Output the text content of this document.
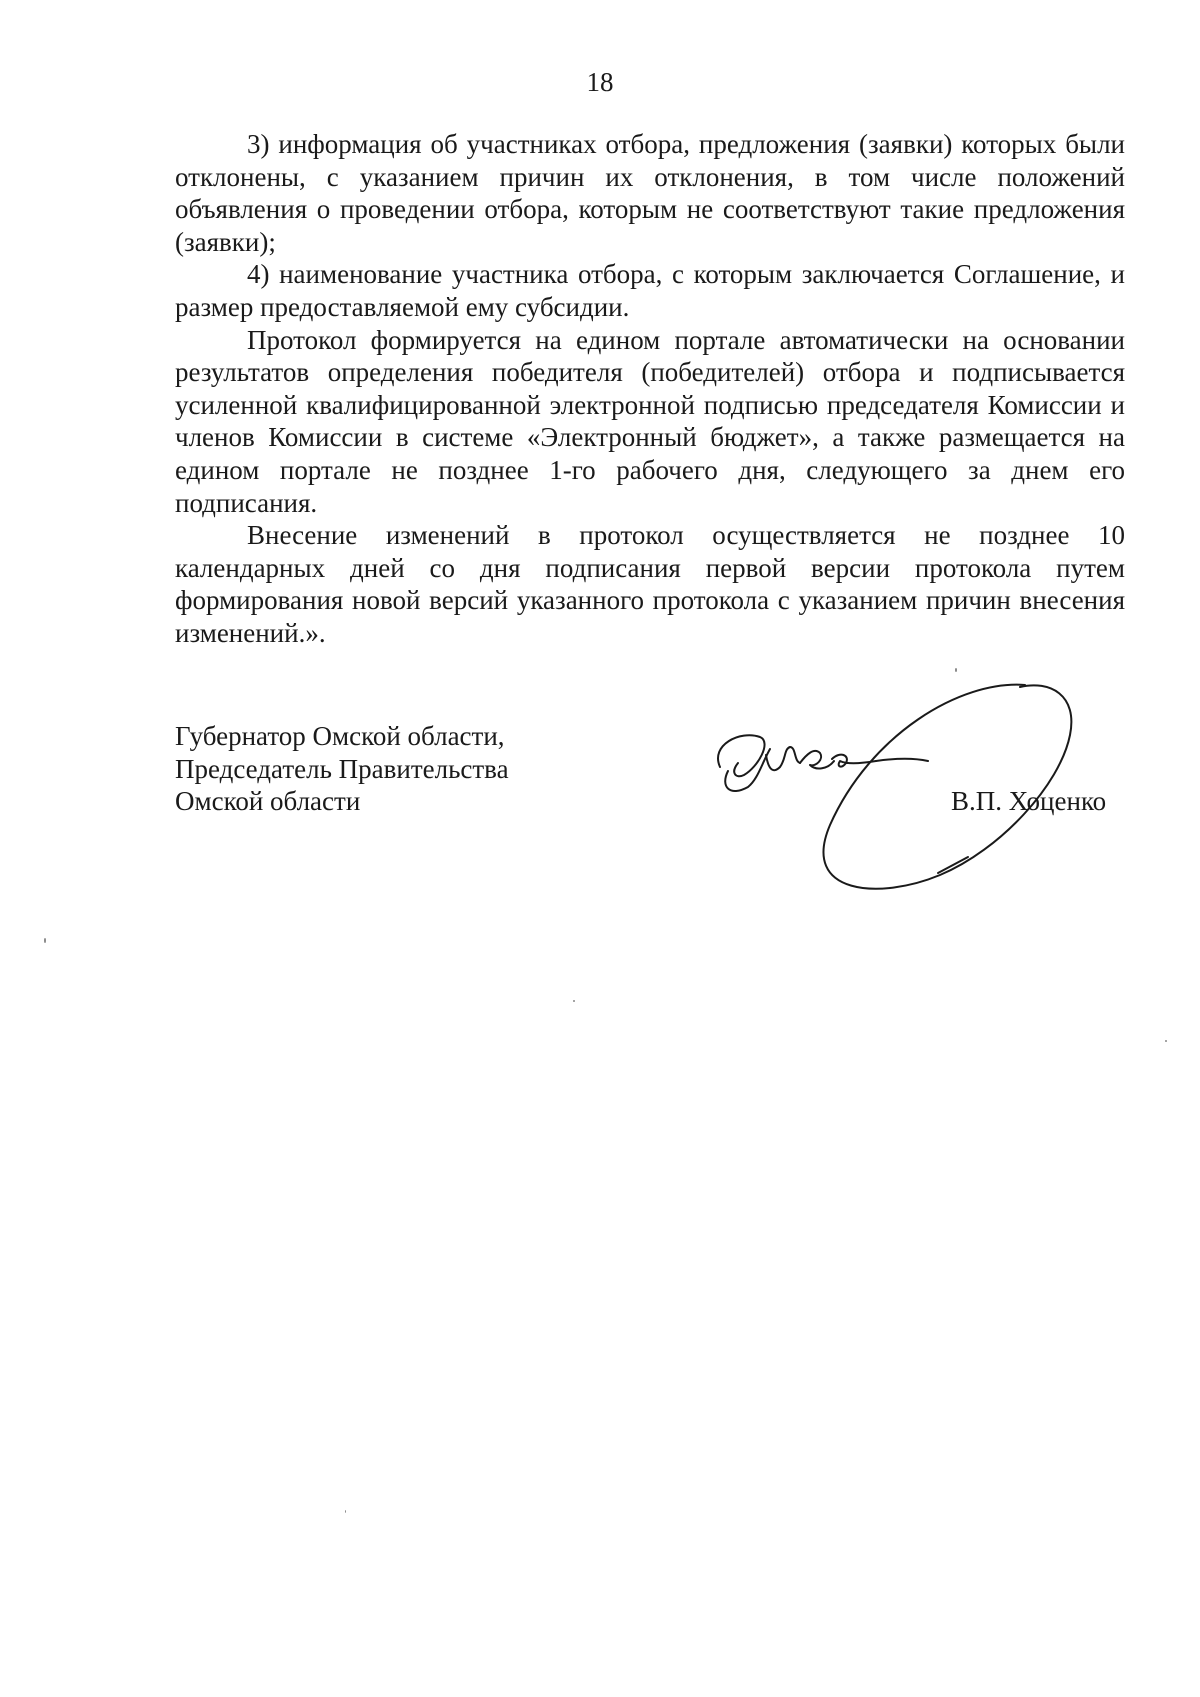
18

3) информация об участниках отбора, предложения (заявки) которых были отклонены, с указанием причин их отклонения, в том числе положений объявления о проведении отбора, которым не соответствуют такие предложения (заявки);

4) наименование участника отбора, с которым заключается Соглашение, и размер предоставляемой ему субсидии.

Протокол формируется на едином портале автоматически на основании результатов определения победителя (победителей) отбора и подписывается усиленной квалифицированной электронной подписью председателя Комиссии и членов Комиссии в системе «Электронный бюджет», а также размещается на едином портале не позднее 1-го рабочего дня, следующего за днем его подписания.

Внесение изменений в протокол осуществляется не позднее 10 календарных дней со дня подписания первой версии протокола путем формирования новой версий указанного протокола с указанием причин внесения изменений.».

Губернатор Омской области,
Председатель Правительства
Омской области	В.П. Хоценко
